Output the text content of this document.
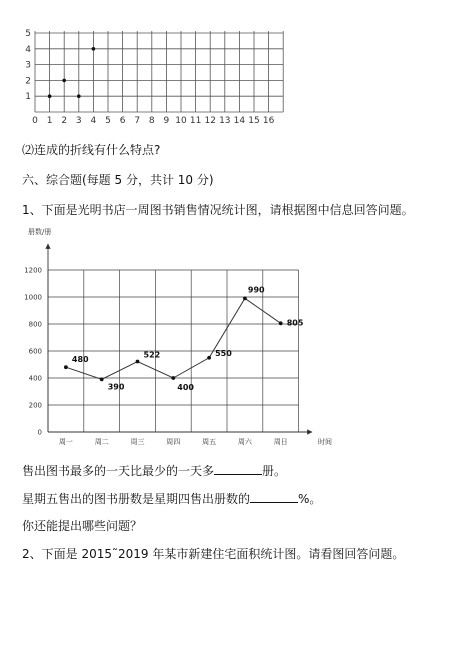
0 1 2 3 4 5 6 7 8 9 10 11 12 13 14 15 16
1
2
3
4
5
⑵连成的折线有什么特点?
六、综合题(每题 5 分，共计 10 分)
1、下面是光明书店一周图书销售情况统计图，请根据图中信息回答问题。
册数/册
0
200
400
600
800
1000
1200
周一	周二	周三	周四	周五	周六	周日	时间
480
390
522
400
550
990
805
售出图书最多的一天比最少的一天多	册。
星期五售出的图书册数是星期四售出册数的	%。
你还能提出哪些问题？
2、下面是 2015˜2019 年某市新建住宅面积统计图。请看图回答问题。
